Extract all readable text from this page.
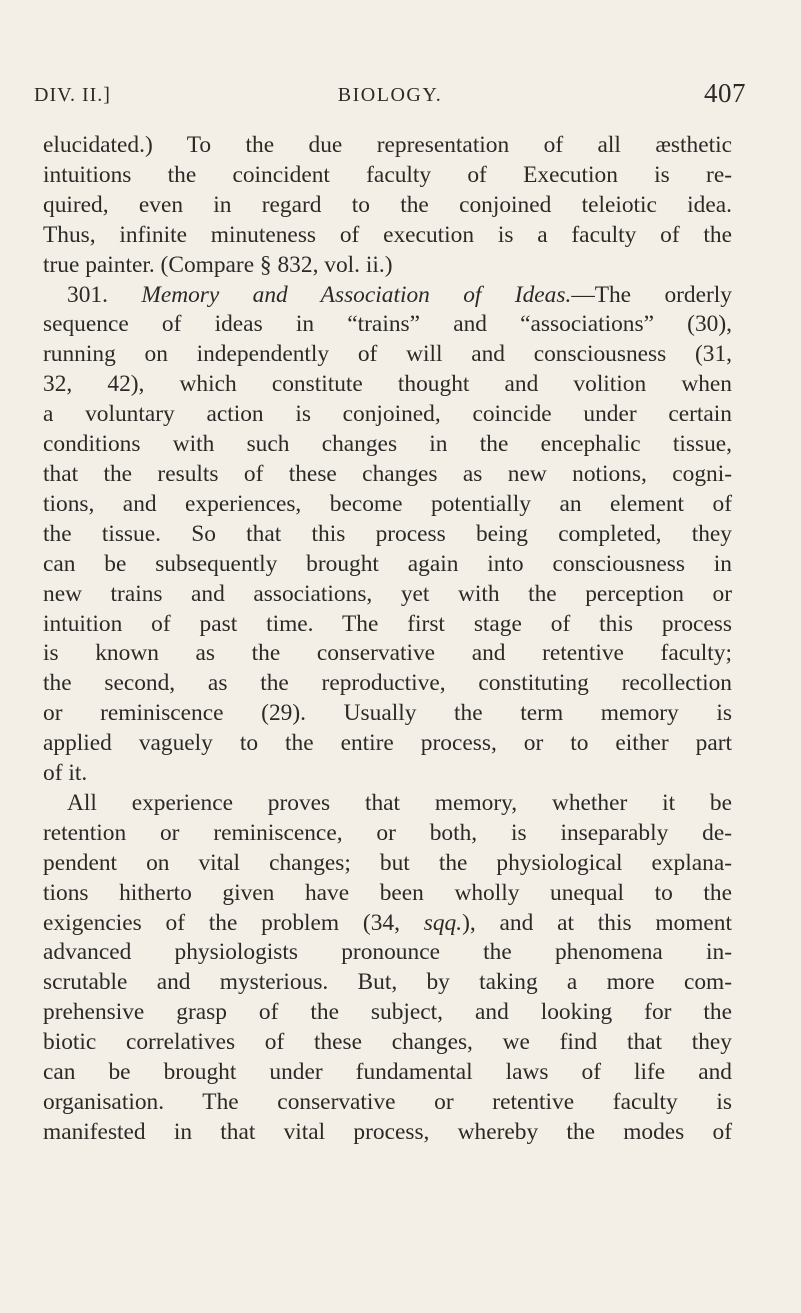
DIV. II.]	BIOLOGY.	407
elucidated.) To the due representation of all æsthetic
intuitions the coincident faculty of Execution is re-
quired, even in regard to the conjoined teleiotic idea.
Thus, infinite minuteness of execution is a faculty of the
true painter. (Compare § 832, vol. ii.)
301. Memory and Association of Ideas.—The orderly
sequence of ideas in “trains” and “associations” (30),
running on independently of will and consciousness (31,
32, 42), which constitute thought and volition when
a voluntary action is conjoined, coincide under certain
conditions with such changes in the encephalic tissue,
that the results of these changes as new notions, cogni-
tions, and experiences, become potentially an element of
the tissue. So that this process being completed, they
can be subsequently brought again into consciousness in
new trains and associations, yet with the perception or
intuition of past time. The first stage of this process
is known as the conservative and retentive faculty;
the second, as the reproductive, constituting recollection
or reminiscence (29). Usually the term memory is
applied vaguely to the entire process, or to either part
of it.
All experience proves that memory, whether it be
retention or reminiscence, or both, is inseparably de-
pendent on vital changes; but the physiological explana-
tions hitherto given have been wholly unequal to the
exigencies of the problem (34, sqq.), and at this moment
advanced physiologists pronounce the phenomena in-
scrutable and mysterious. But, by taking a more com-
prehensive grasp of the subject, and looking for the
biotic correlatives of these changes, we find that they
can be brought under fundamental laws of life and
organisation. The conservative or retentive faculty is
manifested in that vital process, whereby the modes of
